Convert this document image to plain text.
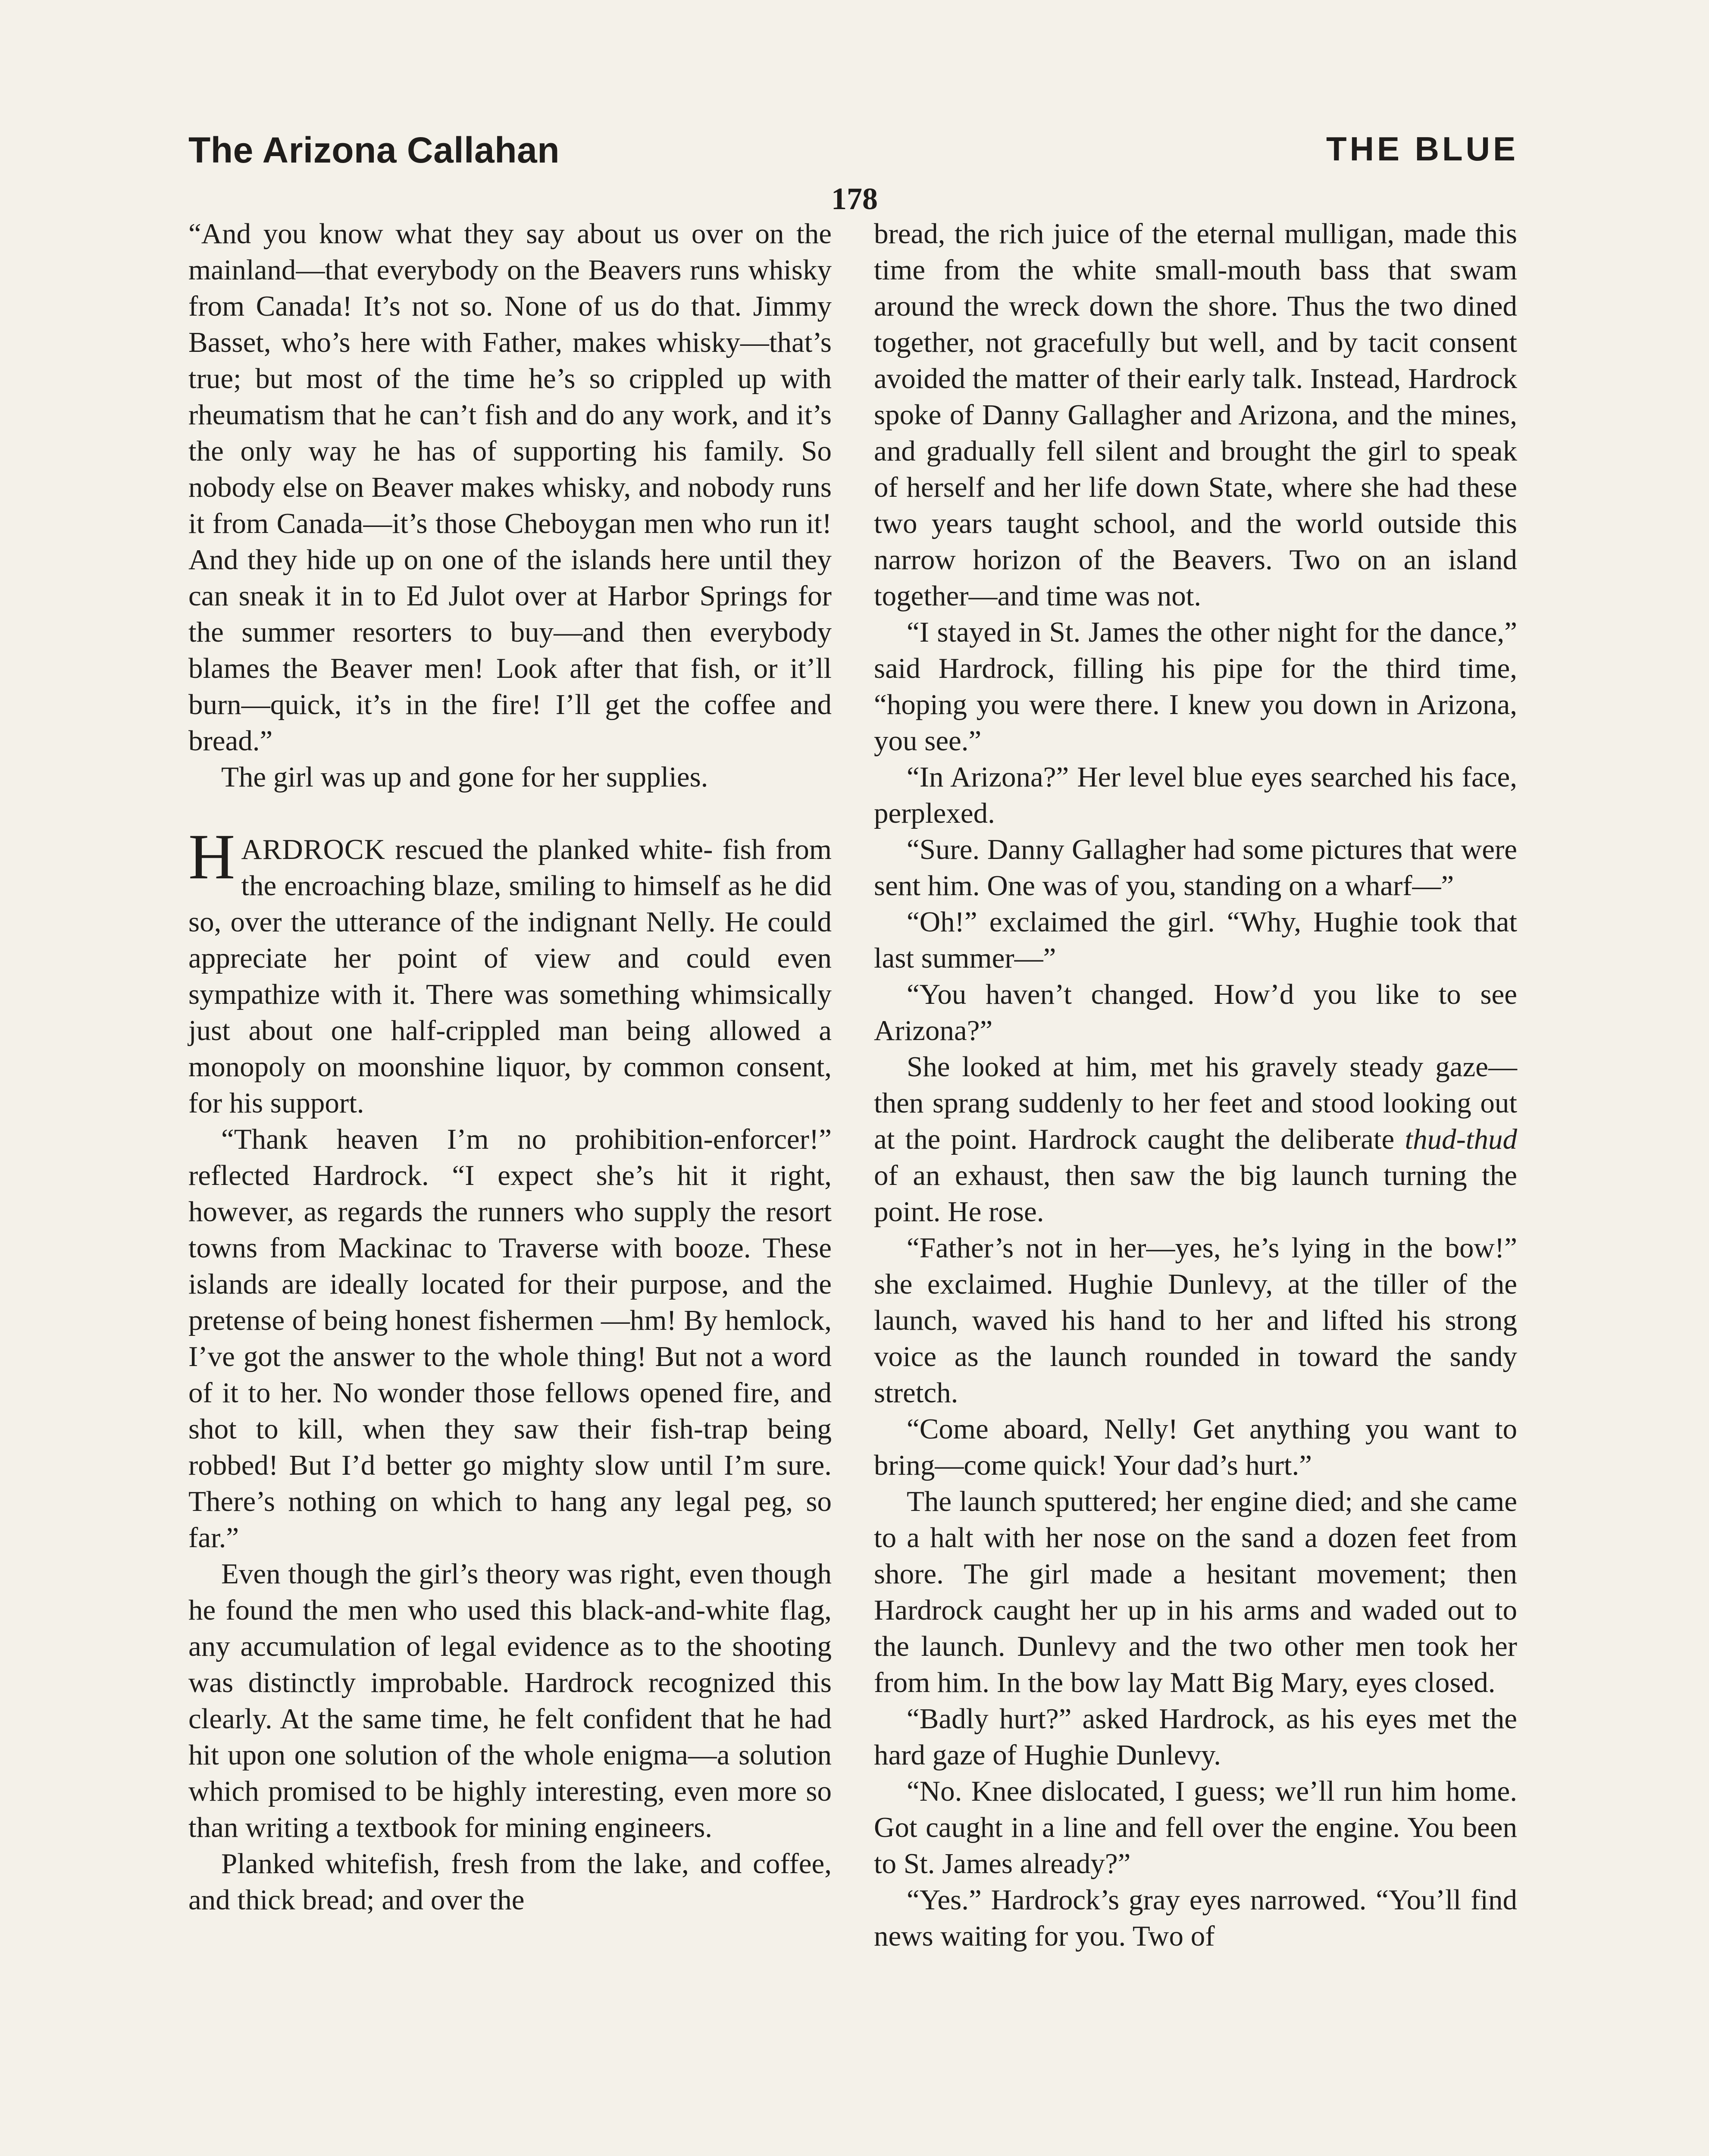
The Arizona Callahan	THE BLUE
178

“And you know what they say about us over on the mainland—that everybody on the Beavers runs whisky from Canada! It’s not so. None of us do that. Jimmy Basset, who’s here with Father, makes whisky—that’s true; but most of the time he’s so crippled up with rheumatism that he can’t fish and do any work, and it’s the only way he has of supporting his family. So nobody else on Beaver makes whisky, and nobody runs it from Canada—it’s those Cheboygan men who run it! And they hide up on one of the islands here until they can sneak it in to Ed Julot over at Harbor Springs for the summer resorters to buy—and then everybody blames the Beaver men! Look after that fish, or it’ll burn—quick, it’s in the fire! I’ll get the coffee and bread.”

The girl was up and gone for her supplies.

HARDROCK rescued the planked white- fish from the encroaching blaze, smiling to himself as he did so, over the utterance of the indignant Nelly. He could appreciate her point of view and could even sympathize with it. There was something whimsically just about one half-crippled man being allowed a monopoly on moonshine liquor, by common consent, for his support.

“Thank heaven I’m no prohibition-enforcer!” reflected Hardrock. “I expect she’s hit it right, however, as regards the runners who supply the resort towns from Mackinac to Traverse with booze. These islands are ideally located for their purpose, and the pretense of being honest fishermen —hm! By hemlock, I’ve got the answer to the whole thing! But not a word of it to her. No wonder those fellows opened fire, and shot to kill, when they saw their fish-trap being robbed! But I’d better go mighty slow until I’m sure. There’s nothing on which to hang any legal peg, so far.”

Even though the girl’s theory was right, even though he found the men who used this black-and-white flag, any accumulation of legal evidence as to the shooting was distinctly improbable. Hardrock recognized this clearly. At the same time, he felt confident that he had hit upon one solution of the whole enigma—a solution which promised to be highly interesting, even more so than writing a textbook for mining engineers.

Planked whitefish, fresh from the lake, and coffee, and thick bread; and over the

bread, the rich juice of the eternal mulligan, made this time from the white small-mouth bass that swam around the wreck down the shore. Thus the two dined together, not gracefully but well, and by tacit consent avoided the matter of their early talk. Instead, Hardrock spoke of Danny Gallagher and Arizona, and the mines, and gradually fell silent and brought the girl to speak of herself and her life down State, where she had these two years taught school, and the world outside this narrow horizon of the Beavers. Two on an island together—and time was not.

“I stayed in St. James the other night for the dance,” said Hardrock, filling his pipe for the third time, “hoping you were there. I knew you down in Arizona, you see.”

“In Arizona?” Her level blue eyes searched his face, perplexed.

“Sure. Danny Gallagher had some pictures that were sent him. One was of you, standing on a wharf—”

“Oh!” exclaimed the girl. “Why, Hughie took that last summer—”

“You haven’t changed. How’d you like to see Arizona?”

She looked at him, met his gravely steady gaze—then sprang suddenly to her feet and stood looking out at the point. Hardrock caught the deliberate thud-thud of an exhaust, then saw the big launch turning the point. He rose.

“Father’s not in her—yes, he’s lying in the bow!” she exclaimed. Hughie Dunlevy, at the tiller of the launch, waved his hand to her and lifted his strong voice as the launch rounded in toward the sandy stretch.

“Come aboard, Nelly! Get anything you want to bring—come quick! Your dad’s hurt.”

The launch sputtered; her engine died; and she came to a halt with her nose on the sand a dozen feet from shore. The girl made a hesitant movement; then Hardrock caught her up in his arms and waded out to the launch. Dunlevy and the two other men took her from him. In the bow lay Matt Big Mary, eyes closed.

“Badly hurt?” asked Hardrock, as his eyes met the hard gaze of Hughie Dunlevy.

“No. Knee dislocated, I guess; we’ll run him home. Got caught in a line and fell over the engine. You been to St. James already?”

“Yes.” Hardrock’s gray eyes narrowed. “You’ll find news waiting for you. Two of
